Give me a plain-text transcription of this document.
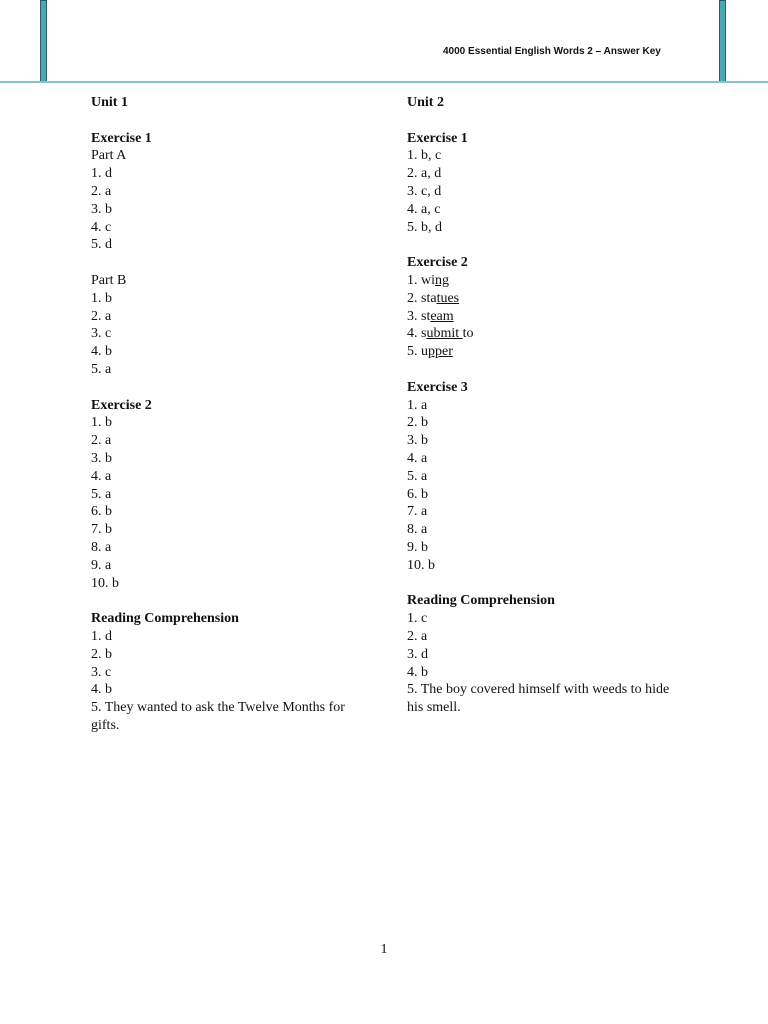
4000 Essential English Words 2 – Answer Key
Unit 1
Exercise 1
Part A
1. d
2. a
3. b
4. c
5. d
Part B
1. b
2. a
3. c
4. b
5. a
Exercise 2
1. b
2. a
3. b
4. a
5. a
6. b
7. b
8. a
9. a
10. b
Reading Comprehension
1. d
2. b
3. c
4. b
5. They wanted to ask the Twelve Months for gifts.
Unit 2
Exercise 1
1. b, c
2. a, d
3. c, d
4. a, c
5. b, d
Exercise 2
1. wing
2. statues
3. steam
4. submit to
5. upper
Exercise 3
1. a
2. b
3. b
4. a
5. a
6. b
7. a
8. a
9. b
10. b
Reading Comprehension
1. c
2. a
3. d
4. b
5. The boy covered himself with weeds to hide his smell.
1
